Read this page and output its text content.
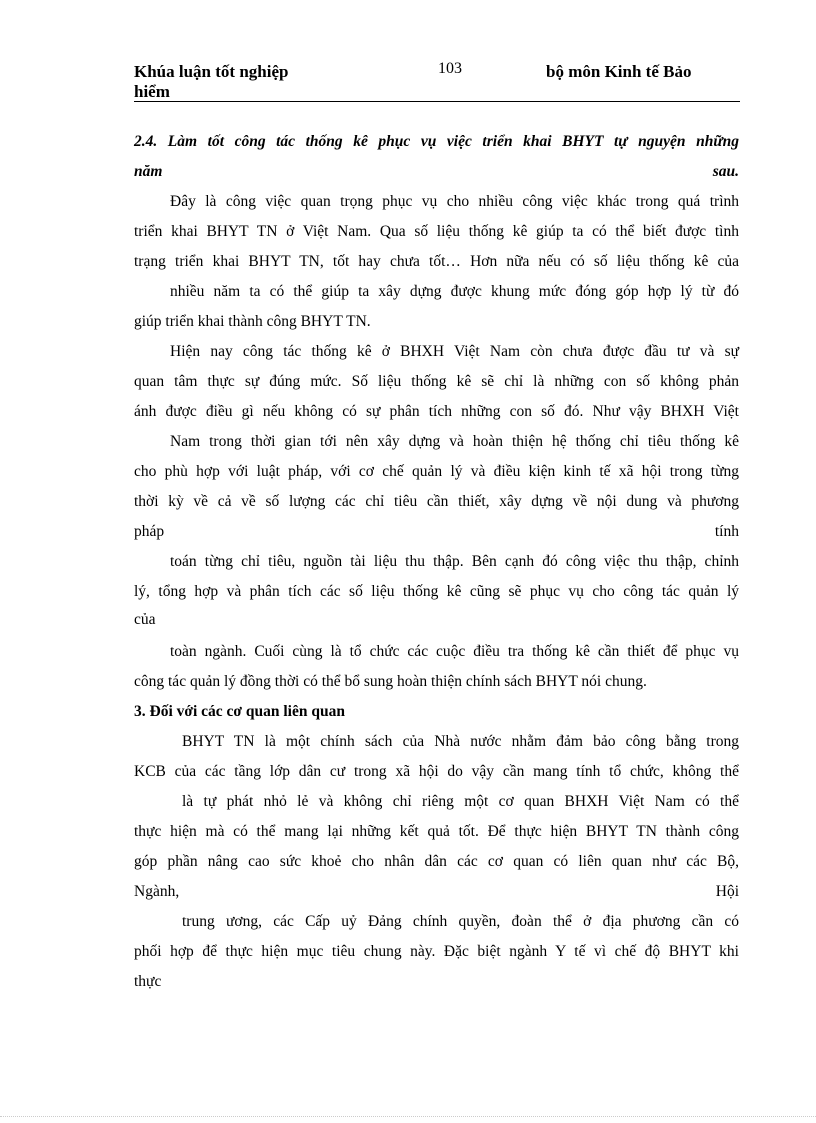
Khúa luận tốt nghiệp
hiểm
103	bộ môn Kinh tế Bảo
2.4. Làm tốt công tác thống kê phục vụ việc triển khai BHYT tự nguyện những
năm	sau.
Đây là công việc quan trọng phục vụ cho nhiều công việc khác trong quá trình
triển khai BHYT TN ở Việt Nam. Qua số liệu thống kê giúp ta có thể biết được tình
trạng triển khai BHYT TN, tốt hay chưa tốt… Hơn nữa nếu có số liệu thống kê của
nhiều năm ta có thể giúp ta xây dựng được khung mức đóng góp hợp lý từ đó
giúp triển khai thành công BHYT TN.
Hiện nay công tác thống kê ở BHXH Việt Nam còn chưa được đầu tư và sự
quan tâm thực sự đúng mức. Số liệu thống kê sẽ chỉ là những con số không phản
ánh được điều gì nếu không có sự phân tích những con số đó. Như vậy BHXH Việt
Nam trong thời gian tới nên xây dựng và hoàn thiện hệ thống chỉ tiêu thống kê
cho phù hợp với luật pháp, với cơ chế quản lý và điều kiện kinh tế xã hội trong từng
thời kỳ về cả về số lượng các chỉ tiêu cần thiết, xây dựng về nội dung và phương
pháp	tính
toán từng chỉ tiêu, nguồn tài liệu thu thập. Bên cạnh đó công việc thu thập, chỉnh
lý, tổng hợp và phân tích các số liệu thống kê cũng sẽ phục vụ cho công tác quản lý
của
toàn ngành. Cuối cùng là tổ chức các cuộc điều tra thống kê cần thiết để phục vụ
công tác quản lý đồng thời có thể bổ sung hoàn thiện chính sách BHYT nói chung.
3. Đối với các cơ quan liên quan
BHYT TN là một chính sách của Nhà nước nhằm đảm bảo công bằng trong
KCB của các tầng lớp dân cư trong xã hội do vậy cần mang tính tổ chức, không thể
là tự phát nhỏ lẻ và không chỉ riêng một cơ quan BHXH Việt Nam có thể
thực hiện mà có thể mang lại những kết quả tốt. Để thực hiện BHYT TN thành công
góp phần nâng cao sức khoẻ cho nhân dân các cơ quan có liên quan như các Bộ,
Ngành,	Hội
trung ương, các Cấp uỷ Đảng chính quyền, đoàn thể ở địa phương cần có
phối hợp để thực hiện mục tiêu chung này. Đặc biệt ngành Y tế vì chế độ BHYT khi
thực
